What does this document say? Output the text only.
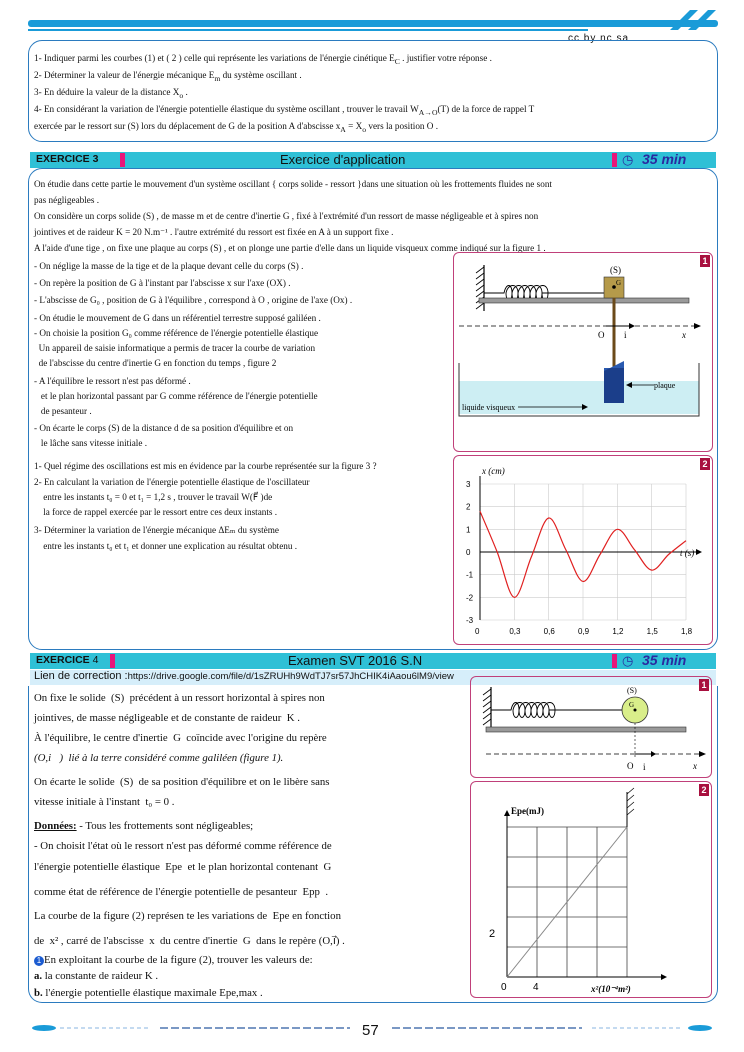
cc by nc sa
1- Indiquer parmi les courbes (1) et ( 2 ) celle qui représente les variations de l'énergie cinétique $E_C$ . justifier votre réponse .
2- Déterminer la valeur de l'énergie mécanique $E_m$ du système oscillant .
3- En déduire la valeur de la distance $X_o$ .
4- En considérant la variation de l'énergie potentielle élastique du système oscillant , trouver le travail $W_{A\to O}(T)$ de la force de rappel T
exercée par le ressort sur (S) lors du déplacement de G de la position A d'abscisse $x_A = X_o$ vers la position O .
EXERCICE 3	Exercice d'application	◷ 35 min
On étudie dans cette partie le mouvement d'un système oscillant { corps solide - ressort }dans une situation où les frottements fluides ne sont
pas négligeables .
On considère un corps solide (S) , de masse m et de centre d'inertie G , fixé à l'extrémité d'un ressort de masse négligeable et à spires non
jointives et de raideur K = 20 N.m⁻¹ . l'autre extrémité du ressort est fixée en A à un support fixe .
A l'aide d'une tige , on fixe une plaque au corps (S) , et on plonge une partie d'elle dans un liquide visqueux comme indiqué sur la figure 1 .
- On néglige la masse de la tige et de la plaque devant celle du corps (S) .
- On repère la position de G à l'instant par l'abscisse x sur l'axe (OX) .
- L'abscisse de G₀ , position de G à l'équilibre , correspond à O , origine de l'axe (Ox) .
- On étudie le mouvement de G dans un référentiel terrestre supposé galiléen .
- On choisie la position G₀ comme référence de l'énergie potentielle élastique
Un appareil de saisie informatique a permis de tracer la courbe de variation
de l'abscisse du centre d'inertie G en fonction du temps , figure 2
- A l'équilibre le ressort n'est pas déformé .
et le plan horizontal passant par G comme référence de l'énergie potentielle
de pesanteur .
- On écarte le corps (S) de la distance d de sa position d'équilibre et on
le lâche sans vitesse initiale .
1- Quel régime des oscillations est mis en évidence par la courbe représentée sur la figure 3 ?
2- En calculant la variation de l'énergie potentielle élastique de l'oscillateur
entre les instants t₀ = 0 et t₁ = 1,2 s , trouver le travail W(F⃗ )de
la force de rappel exercée par le ressort entre ces deux instants .
3- Déterminer la variation de l'énergie mécanique ΔEₘ du système
entre les instants t₀ et t₁ et donner une explication au résultat obtenu .
1
(S)
G
O i	x
plaque
liquide visqueux
2
0	0,3	0,6	0,9	1,2	1,5	1,8
3
2
1
0
-1
-2
-3
x (cm)
t (s)
EXERCICE 4	Examen SVT 2016 S.N	◷ 35 min
Lien de correction :https://drive.google.com/file/d/1sZRUHh9WdTJ7sr57JhCHIK4iAaou6lM9/view
On fixe le solide  (S)  précédent à un ressort horizontal à spires non
jointives, de masse négligeable et de constante de raideur  K .
À l'équilibre, le centre d'inertie  G  coïncide avec l'origine du repère
(O,i⃗)  lié à la terre considéré comme galiléen (figure 1).
On écarte le solide  (S)  de sa position d'équilibre et on le libère sans
vitesse initiale à l'instant  t₀ = 0 .
Données: - Tous les frottements sont négligeables;
- On choisit l'état où le ressort n'est pas déformé comme référence de
l'énergie potentielle élastique  Epe  et le plan horizontal contenant  G
comme état de référence de l'énergie potentielle de pesanteur  Epp  .
La courbe de la figure (2) représen te les variations de  Epe en fonction
de  x² , carré de l'abscisse  x  du centre d'inertie  G  dans le repère (O,i⃗) .
1 En exploitant la courbe de la figure (2), trouver les valeurs de:
a. la constante de raideur K .
b. l'énergie potentielle élastique maximale Epe,max .
1
(S)
G
O i	x
2
Epe(mJ)
2
0	4	x²(10⁻⁴m²)
57
